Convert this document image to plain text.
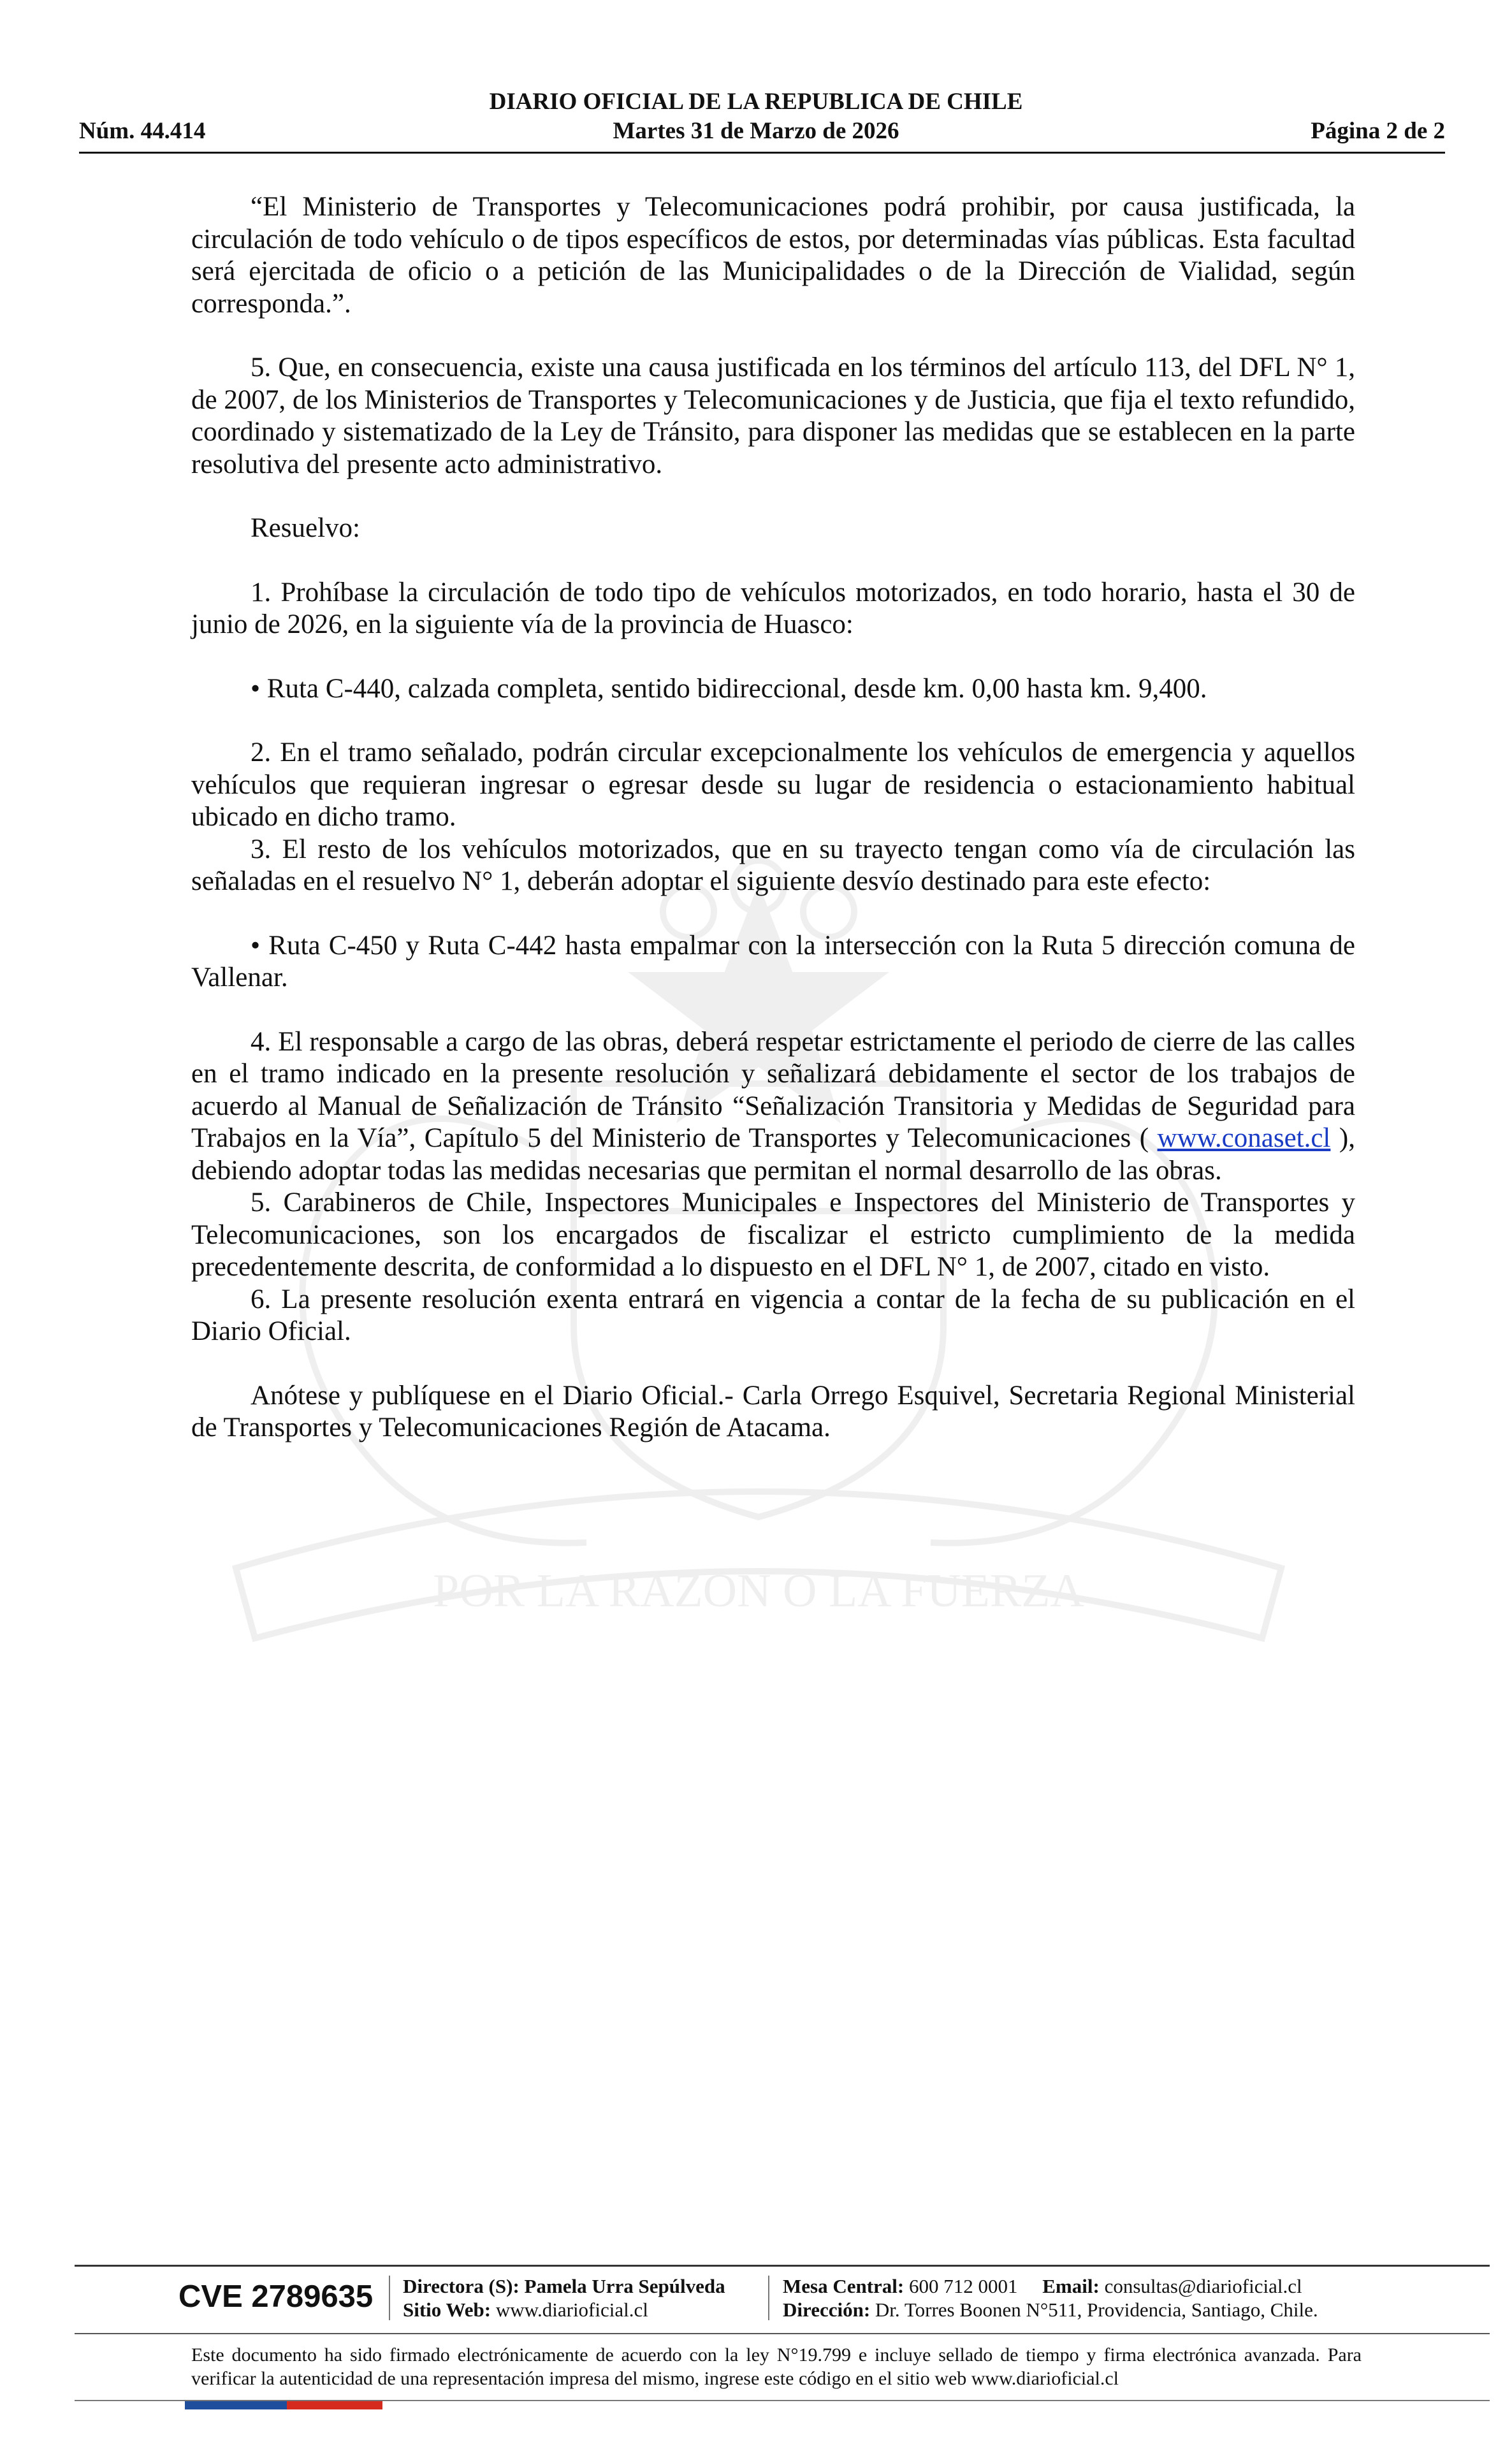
POR LA RAZON O LA FUERZA
DIARIO OFICIAL DE LA REPUBLICA DE CHILE
Martes 31 de Marzo de 2026
Núm. 44.414	Página 2 de 2

“El Ministerio de Transportes y Telecomunicaciones podrá prohibir, por causa justificada, la circulación de todo vehículo o de tipos específicos de estos, por determinadas vías públicas. Esta facultad será ejercitada de oficio o a petición de las Municipalidades o de la Dirección de Vialidad, según corresponda.”.

5. Que, en consecuencia, existe una causa justificada en los términos del artículo 113, del DFL N° 1, de 2007, de los Ministerios de Transportes y Telecomunicaciones y de Justicia, que fija el texto refundido, coordinado y sistematizado de la Ley de Tránsito, para disponer las medidas que se establecen en la parte resolutiva del presente acto administrativo.

Resuelvo:

1. Prohíbase la circulación de todo tipo de vehículos motorizados, en todo horario, hasta el 30 de junio de 2026, en la siguiente vía de la provincia de Huasco:

• Ruta C-440, calzada completa, sentido bidireccional, desde km. 0,00 hasta km. 9,400.

2. En el tramo señalado, podrán circular excepcionalmente los vehículos de emergencia y aquellos vehículos que requieran ingresar o egresar desde su lugar de residencia o estacionamiento habitual ubicado en dicho tramo.

3. El resto de los vehículos motorizados, que en su trayecto tengan como vía de circulación las señaladas en el resuelvo N° 1, deberán adoptar el siguiente desvío destinado para este efecto:

• Ruta C-450 y Ruta C-442 hasta empalmar con la intersección con la Ruta 5 dirección comuna de Vallenar.

4. El responsable a cargo de las obras, deberá respetar estrictamente el periodo de cierre de las calles en el tramo indicado en la presente resolución y señalizará debidamente el sector de los trabajos de acuerdo al Manual de Señalización de Tránsito “Señalización Transitoria y Medidas de Seguridad para Trabajos en la Vía”, Capítulo 5 del Ministerio de Transportes y Telecomunicaciones ( www.conaset.cl ), debiendo adoptar todas las medidas necesarias que permitan el normal desarrollo de las obras.

5. Carabineros de Chile, Inspectores Municipales e Inspectores del Ministerio de Transportes y Telecomunicaciones, son los encargados de fiscalizar el estricto cumplimiento de la medida precedentemente descrita, de conformidad a lo dispuesto en el DFL N° 1, de 2007, citado en visto.

6. La presente resolución exenta entrará en vigencia a contar de la fecha de su publicación en el Diario Oficial.

Anótese y publíquese en el Diario Oficial.- Carla Orrego Esquivel, Secretaria Regional Ministerial de Transportes y Telecomunicaciones Región de Atacama.

CVE 2789635 Directora (S): Pamela Urra Sepúlveda
Sitio Web: www.diarioficial.cl
Mesa Central: 600 712 0001 Email: consultas@diarioficial.cl
Dirección: Dr. Torres Boonen N°511, Providencia, Santiago, Chile.
Este documento ha sido firmado electrónicamente de acuerdo con la ley N°19.799 e incluye sellado de tiempo y firma electrónica avanzada. Para verificar la autenticidad de una representación impresa del mismo, ingrese este código en el sitio web www.diarioficial.cl
